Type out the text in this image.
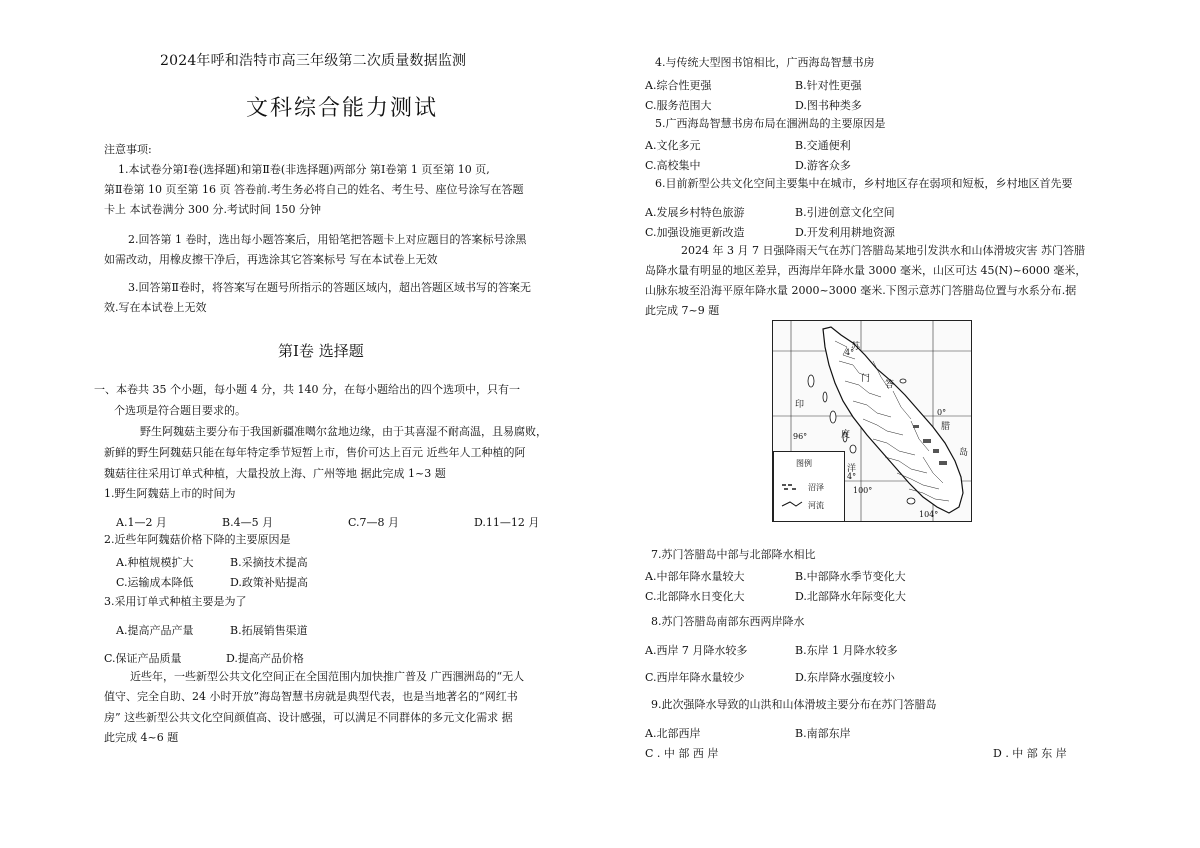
2024年呼和浩特市高三年级第二次质量数据监测
文科综合能力测试
注意事项:
1.本试卷分第Ⅰ卷(选择题)和第Ⅱ卷(非选择题)两部分 第Ⅰ卷第 1 页至第 10 页,
第Ⅱ卷第 10 页至第 16 页 答卷前.考生务必将自己的姓名、考生号、座位号涂写在答题
卡上 本试卷满分 300 分.考试时间 150 分钟
2.回答第 1 卷时，选出每小题答案后，用铅笔把答题卡上对应题目的答案标号涂黑
如需改动，用橡皮擦干净后，再选涂其它答案标号 写在本试卷上无效
3.回答第Ⅱ卷时，将答案写在题号所指示的答题区域内，超出答题区域书写的答案无
效.写在本试卷上无效
第Ⅰ卷 选择题
一、本卷共 35 个小题，每小题 4 分，共 140 分，在每小题给出的四个选项中，只有一
个选项是符合题目要求的。
野生阿魏菇主要分布于我国新疆准噶尔盆地边缘，由于其喜湿不耐高温，且易腐败，
新鲜的野生阿魏菇只能在每年特定季节短暂上市，售价可达上百元 近些年人工种植的阿
魏菇往往采用订单式种植，大量投放上海、广州等地 据此完成 1~3 题
1.野生阿魏菇上市的时间为
A.1—2 月	B.4—5 月	C.7—8 月	D.11—12 月
2.近些年阿魏菇价格下降的主要原因是
A.种植规模扩大	B.采摘技术提高
C.运输成本降低	D.政策补贴提高
3.采用订单式种植主要是为了
A.提高产品产量	B.拓展销售渠道
C.保证产品质量	D.提高产品价格
近些年，一些新型公共文化空间正在全国范围内加快推广普及 广西涠洲岛的“无人
值守、完全自助、24 小时开放”海岛智慧书房就是典型代表，也是当地著名的“网红书
房” 这些新型公共文化空间颜值高、设计感强，可以满足不同群体的多元文化需求 据
此完成 4~6 题
4.与传统大型图书馆相比，广西海岛智慧书房
A.综合性更强	B.针对性更强
C.服务范围大	D.图书种类多
5.广西海岛智慧书房布局在涠洲岛的主要原因是
A.文化多元	B.交通便利
C.高校集中	D.游客众多
6.目前新型公共文化空间主要集中在城市，乡村地区存在弱项和短板，乡村地区首先要
A.发展乡村特色旅游	B.引进创意文化空间
C.加强设施更新改造	D.开发利用耕地资源
2024 年 3 月 7 日强降雨天气在苏门答腊岛某地引发洪水和山体滑坡灾害 苏门答腊
岛降水量有明显的地区差异，西海岸年降水量 3000 毫米，山区可达 45(N)~6000 毫米，
山脉东坡至沿海平原年降水量 2000~3000 毫米.下图示意苏门答腊岛位置与水系分布.据
此完成 7~9 题
4°
0°
4°
96°
100°
104°
苏
门
答
腊
岛
印
度
洋
图例
沼泽
河流
7.苏门答腊岛中部与北部降水相比
A.中部年降水量较大	B.中部降水季节变化大
C.北部降水日变化大	D.北部降水年际变化大
8.苏门答腊岛南部东西两岸降水
A.西岸 7 月降水较多	B.东岸 1 月降水较多
C.西岸年降水量较少	D.东岸降水强度较小
9.此次强降水导致的山洪和山体滑坡主要分布在苏门答腊岛
A.北部西岸	B.南部东岸
C . 中 部 西 岸	D . 中 部 东 岸
